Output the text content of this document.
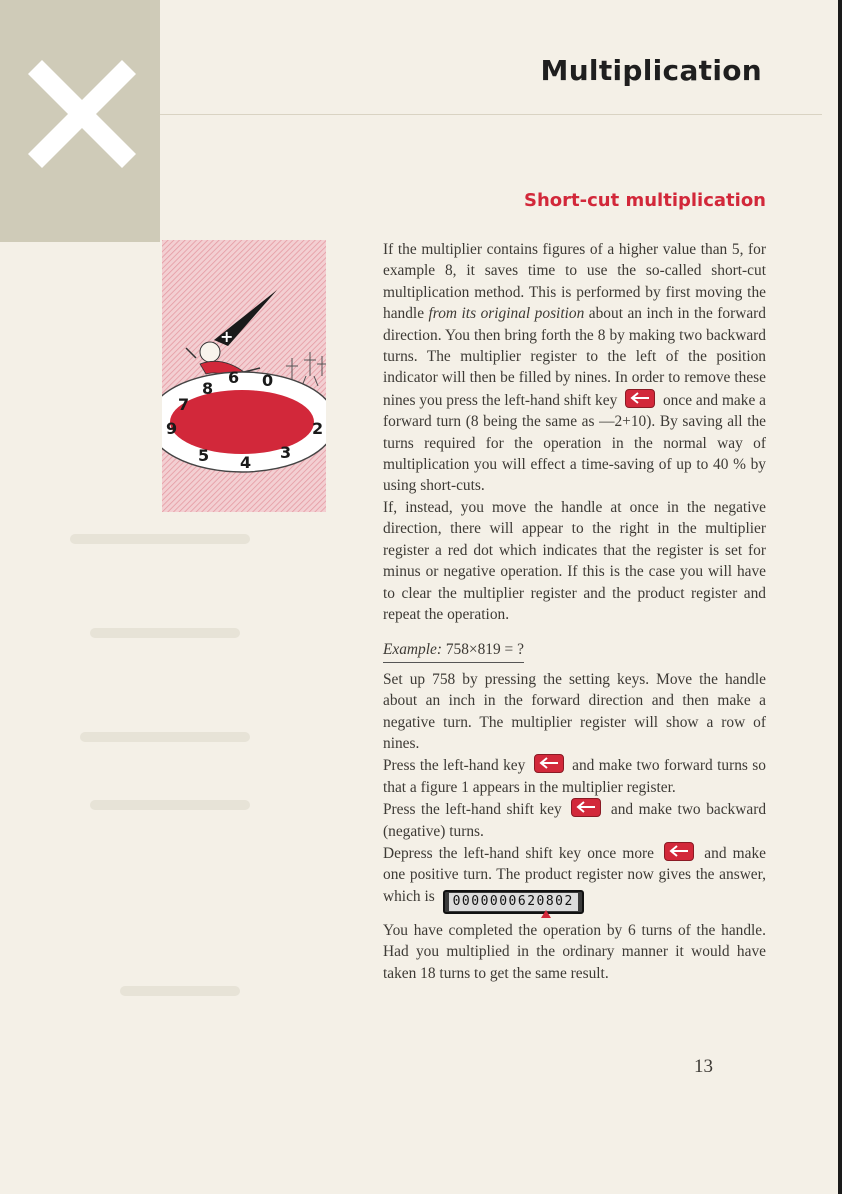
Multiplication
Short-cut multiplication
+
8
6 0
7
9
5 4
3
2

If the multiplier contains figures of a higher value than 5, for example 8, it saves time to use the so-called short-cut multiplication method. This is performed by first moving the handle from its original position about an inch in the forward direction. You then bring forth the 8 by making two backward turns. The multiplier register to the left of the position indicator will then be filled by nines. In order to remove these nines you press the left-hand shift key	once and make a forward turn (8 being the same as —2+10). By saving all the turns required for the operation in the normal way of multiplication you will effect a time-saving of up to 40 % by using short-cuts.

If, instead, you move the handle at once in the negative direction, there will appear to the right in the multiplier register a red dot which indicates that the register is set for minus or negative operation. If this is the case you will have to clear the multiplier register and the product register and repeat the operation.

Example: 758×819 = ?

Set up 758 by pressing the setting keys. Move the handle about an inch in the forward direction and then make a negative turn. The multiplier register will show a row of nines.

Press the left-hand key	and make two forward turns so that a figure 1 appears in the multiplier register.

Press the left-hand shift key	and make two backward (negative) turns.

Depress the left-hand shift key once more	and make one positive turn. The product register now gives the answer, which is	0000000620802

You have completed the operation by 6 turns of the handle. Had you multiplied in the ordinary manner it would have taken 18 turns to get the same result.

13
